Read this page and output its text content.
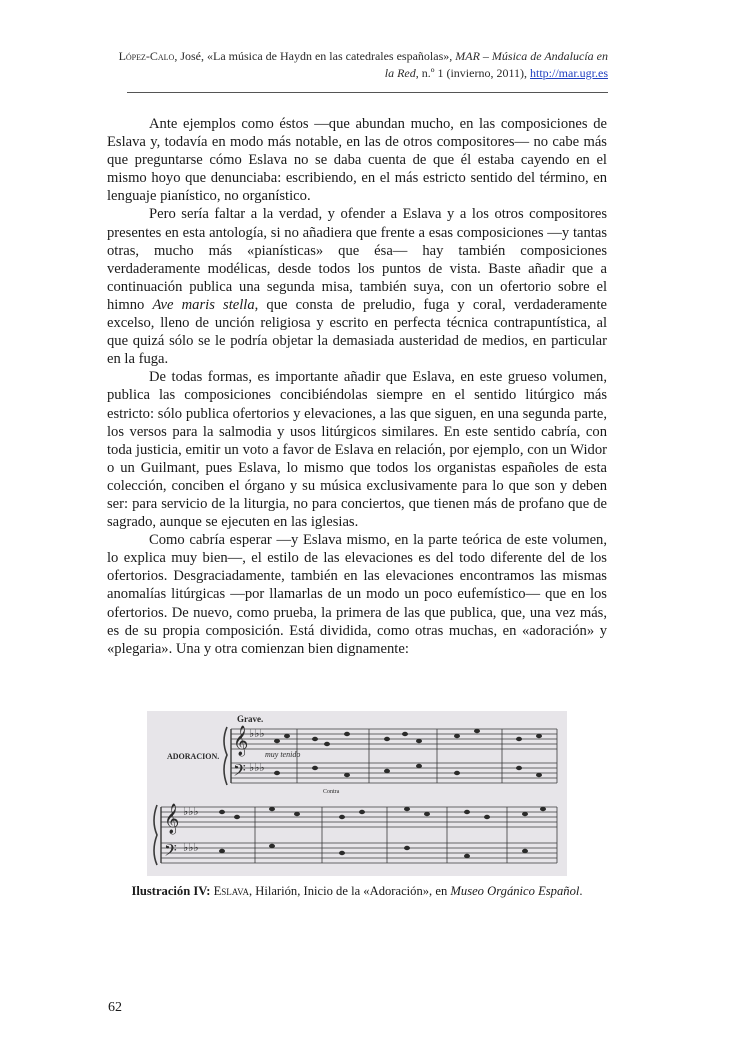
López-Calo, José, «La música de Haydn en las catedrales españolas», MAR – Música de Andalucía en la Red, n.º 1 (invierno, 2011), http://mar.ugr.es

Ante ejemplos como éstos —que abundan mucho, en las composiciones de Eslava y, todavía en modo más notable, en las de otros compositores— no cabe más que preguntarse cómo Eslava no se daba cuenta de que él estaba cayendo en el mismo hoyo que denunciaba: escribiendo, en el más estricto sentido del término, en lenguaje pianístico, no organístico.

Pero sería faltar a la verdad, y ofender a Eslava y a los otros compositores presentes en esta antología, si no añadiera que frente a esas composiciones —y tantas otras, mucho más «pianísticas» que ésa— hay también composiciones verdaderamente modélicas, desde todos los puntos de vista. Baste añadir que a continuación publica una segunda misa, también suya, con un ofertorio sobre el himno Ave maris stella, que consta de preludio, fuga y coral, verdaderamente excelso, lleno de unción religiosa y escrito en perfecta técnica contrapuntística, al que quizá sólo se le podría objetar la demasiada austeridad de medios, en particular en la fuga.

De todas formas, es importante añadir que Eslava, en este grueso volumen, publica las composiciones concibiéndolas siempre en el sentido litúrgico más estricto: sólo publica ofertorios y elevaciones, a las que siguen, en una segunda parte, los versos para la salmodia y usos litúrgicos similares. En este sentido cabría, con toda justicia, emitir un voto a favor de Eslava en relación, por ejemplo, con un Widor o un Guilmant, pues Eslava, lo mismo que todos los organistas españoles de esta colección, conciben el órgano y su música exclusivamente para lo que son y deben ser: para servicio de la liturgia, no para conciertos, que tienen más de profano que de sagrado, aunque se ejecuten en las iglesias.

Como cabría esperar —y Eslava mismo, en la parte teórica de este volumen, lo explica muy bien—, el estilo de las elevaciones es del todo diferente del de los ofertorios. Desgraciadamente, también en las elevaciones encontramos las mismas anomalías litúrgicas —por llamarlas de un modo un poco eufemístico— que en los ofertorios. De nuevo, como prueba, la primera de las que publica, que, una vez más, es de su propia composición. Está dividida, como otras muchas, en «adoración» y «plegaria». Una y otra comienzan bien dignamente:

𝄞
𝄢
𝄞
𝄢
♭♭♭
♭♭♭
♭♭♭
♭♭♭
Grave.
ADORACION.	muy tenido
Contra
Ilustración IV: Eslava, Hilarión, Inicio de la «Adoración», en Museo Orgánico Español.
62
